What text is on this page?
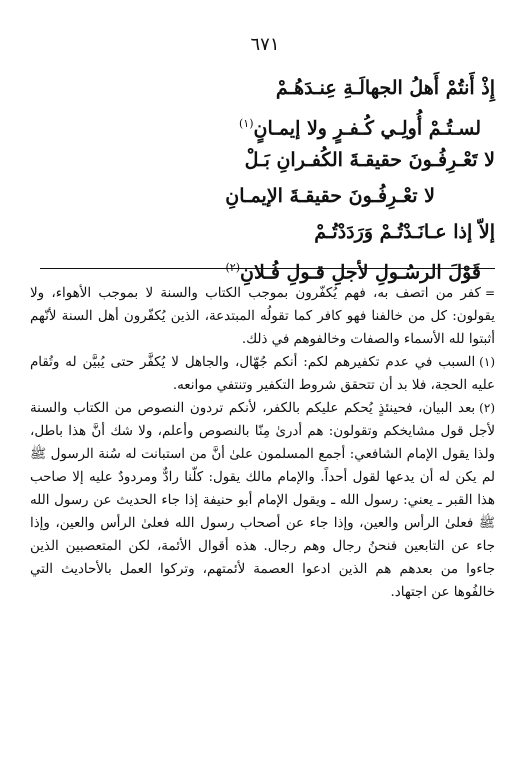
٦٧١
إِذْ أَنتُمْ أَهلُ الجهالَـةِ عِنـدَهُـمْ
لسـتُـمْ أُولِـي كُـفـرٍ ولا إيمـانٍ$^{(١)}$
لا تَعْـرِفُـونَ حقيقـةَ الكُفـرانِ بَـلْ
لا تعْـرِفُـونَ حقيقـةَ الإيمـانِ
إلاّ إذا عـانَـدْتُـمْ وَرَدَدْتُـمْ
قَوْلَ الرسُـولِ لأجلِ قـولِ فُـلانِ$^{(٢)}$

=كفر من اتصف به، فهم يُكفّرون بموجب الكتاب والسنة لا بموجب الأهواء، ولا يقولون: كل من خالفنا فهو كافر كما تقولُه المبتدعة، الذين يُكفّرون أهل السنة لأنّهم أثبتوا لله الأسماء والصفات وخالفوهم في ذلك.

(١)السبب في عدم تكفيرهم لكم: أنكم جُهّال، والجاهل لا يُكفَّر حتى يُبيَّن له وتُقام عليه الحجة، فلا بد أن تتحقق شروط التكفير وتنتفي موانعه.

(٢)بعد البيان، فحينئذٍ يُحكم عليكم بالكفر، لأنكم تردون النصوص من الكتاب والسنة لأجل قول مشايخكم وتقولون: هم أدرىٰ مِنّا بالنصوص وأعلم، ولا شك أنَّ هذا باطل، ولذا يقول الإمام الشافعي: أجمع المسلمون علىٰ أنَّ من استبانت له سُنة الرسول ﷺ لم يكن له أن يدعها لقول أحداً. والإمام مالك يقول: كلّنا رادٌّ ومردودٌ عليه إلا صاحب هذا القبر ـ يعني: رسول الله ـ ويقول الإمام أبو حنيفة إذا جاء الحديث عن رسول الله ﷺ فعلىٰ الرأس والعين، وإذا جاء عن أصحاب رسول الله فعلىٰ الرأس والعين، وإذا جاء عن التابعين فنحنُ رجال وهم رجال. هذه أقوال الأئمة، لكن المتعصبين الذين جاءوا من بعدهم هم الذين ادعوا العصمة لأئمتهم، وتركوا العمل بالأحاديث التي خالفُوها عن اجتهاد.
